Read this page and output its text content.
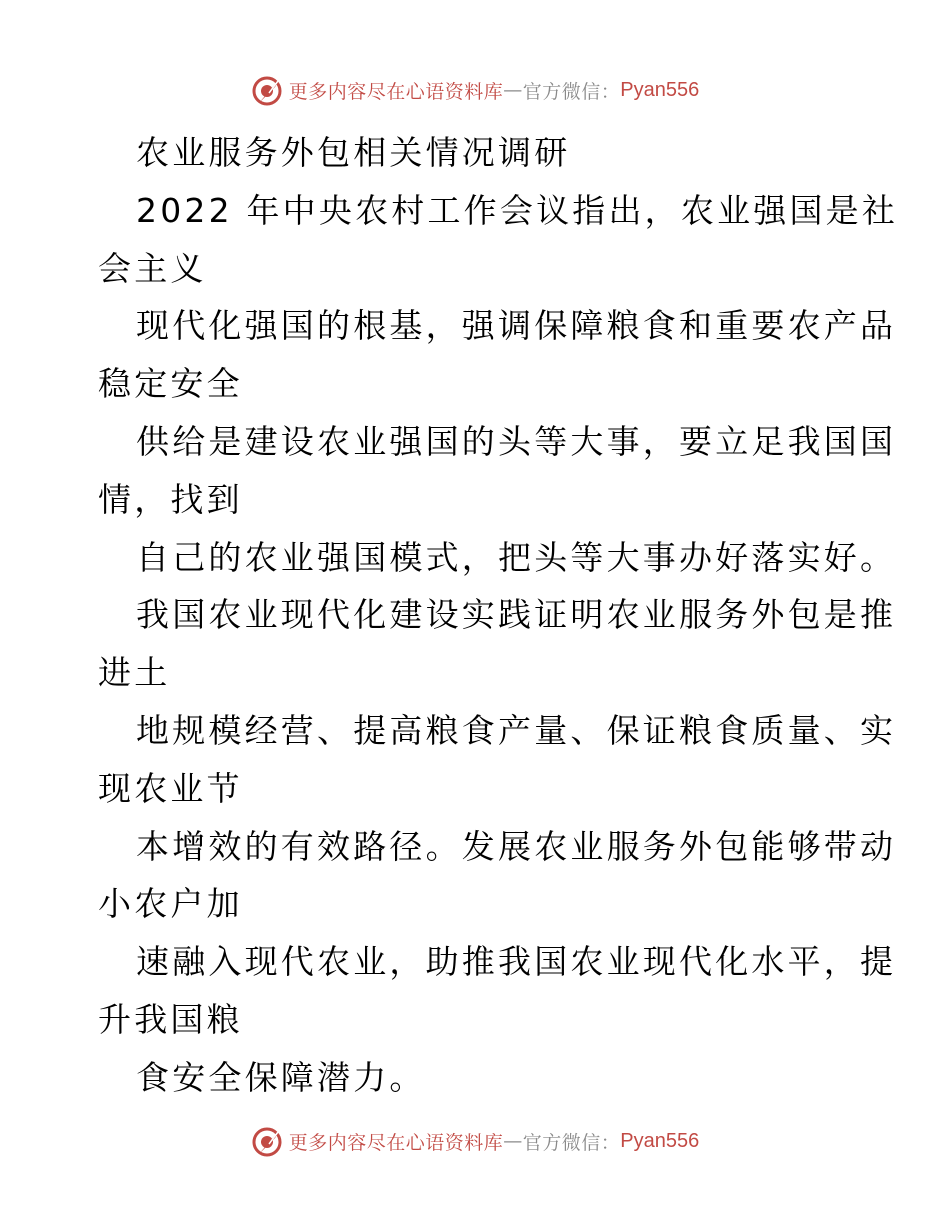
更多内容尽在心语资料库 — 官方微信： Pyan556
农业服务外包相关情况调研
2022 年中央农村工作会议指出，农业强国是社
会主义
现代化强国的根基，强调保障粮食和重要农产品
稳定安全
供给是建设农业强国的头等大事，要立足我国国
情，找到
自己的农业强国模式，把头等大事办好落实好。
我国农业现代化建设实践证明农业服务外包是推
进土
地规模经营、提高粮食产量、保证粮食质量、实
现农业节
本增效的有效路径。发展农业服务外包能够带动
小农户加
速融入现代农业，助推我国农业现代化水平，提
升我国粮
食安全保障潜力。
更多内容尽在心语资料库 — 官方微信： Pyan556
